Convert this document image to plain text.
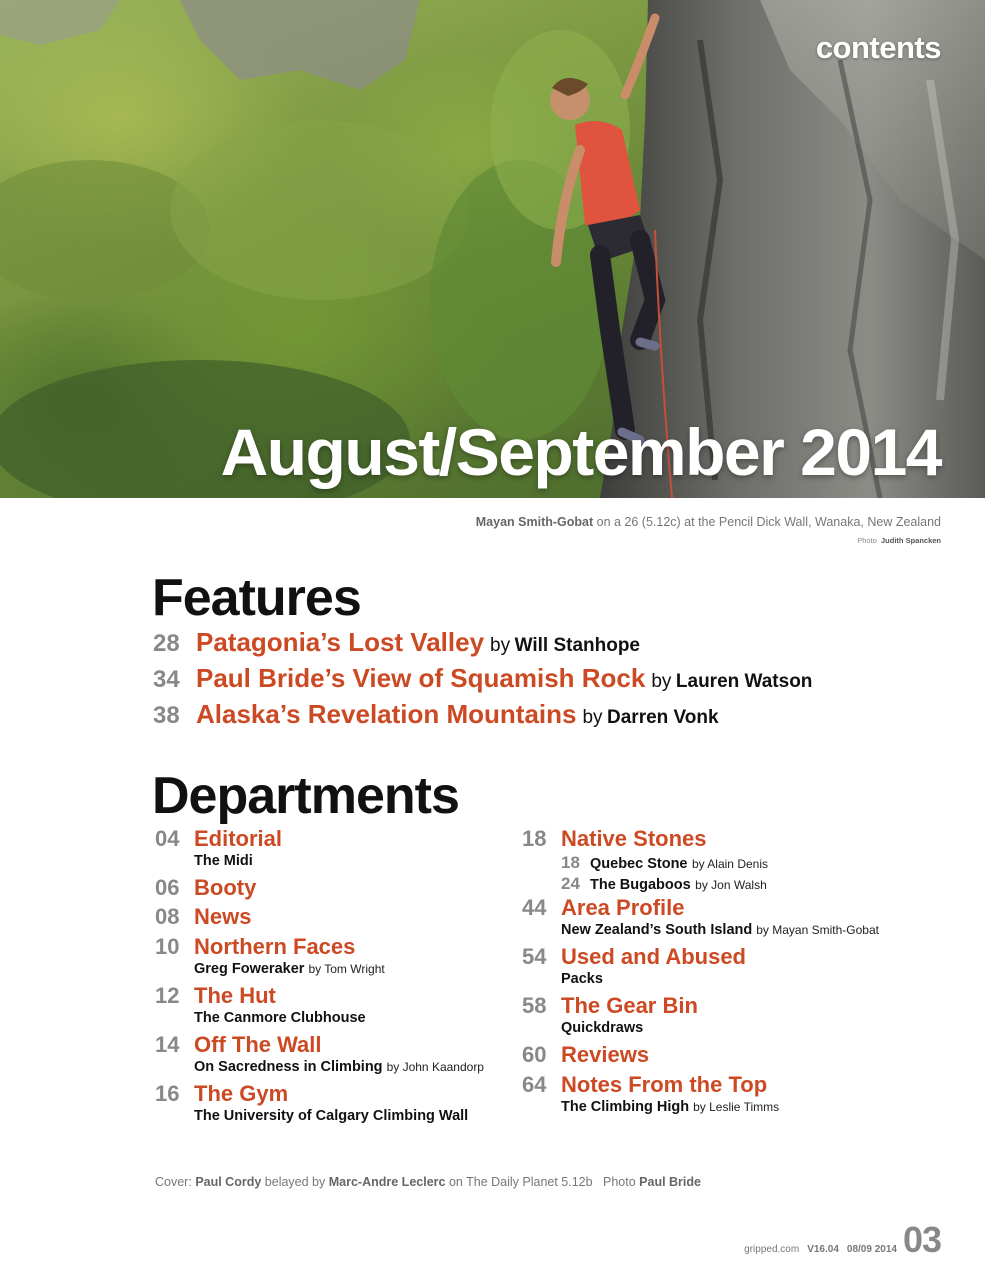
contents
August/September 2014
Mayan Smith-Gobat on a 26 (5.12c) at the Pencil Dick Wall, Wanaka, New Zealand
Photo Judith Spancken
Features
28 Patagonia’s Lost Valley by Will Stanhope
34 Paul Bride’s View of Squamish Rock by Lauren Watson
38 Alaska’s Revelation Mountains by Darren Vonk
Departments
04 Editorial
The Midi
06 Booty
08 News
10 Northern Faces
Greg Foweraker by Tom Wright
12 The Hut
The Canmore Clubhouse
14 Off The Wall
On Sacredness in Climbing by John Kaandorp
16 The Gym
The University of Calgary Climbing Wall
18 Native Stones
18 Quebec Stone by Alain Denis
24 The Bugaboos by Jon Walsh
44 Area Profile
New Zealand’s South Island by Mayan Smith-Gobat
54 Used and Abused
Packs
58 The Gear Bin
Quickdraws
60 Reviews
64 Notes From the Top
The Climbing High by Leslie Timms
Cover: Paul Cordy belayed by Marc-Andre Leclerc on The Daily Planet 5.12b Photo Paul Bride
gripped.com V16.04 08/09 2014 03
